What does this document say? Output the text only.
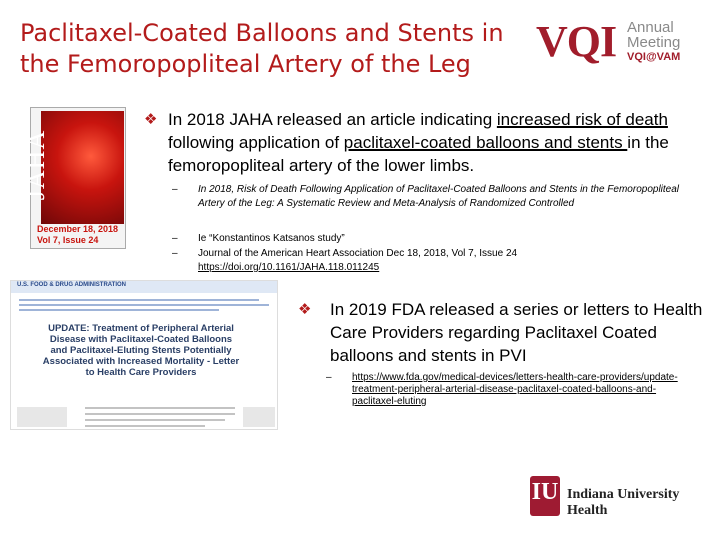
Paclitaxel-Coated Balloons and Stents in the Femoropopliteal Artery of the Leg	VQI Annual
Meeting
VQI@VAM
JAHA
December 18, 2018
Vol 7, Issue 24
❖ In 2018 JAHA released an article indicating increased risk of death following application of paclitaxel-coated balloons and stents in the femoropopliteal artery of the lower limbs.
– In 2018, Risk of Death Following Application of Paclitaxel-Coated Balloons and Stents in the Femoropopliteal Artery of the Leg: A Systematic Review and Meta-Analysis of Randomized Controlled
– Ie “Konstantinos Katsanos study”
– Journal of the American Heart Association Dec 18, 2018, Vol 7, Issue 24 https://doi.org/10.1161/JAHA.118.011245
U.S. FOOD & DRUG ADMINISTRATION
UPDATE: Treatment of Peripheral Arterial Disease with Paclitaxel-Coated Balloons and Paclitaxel-Eluting Stents Potentially Associated with Increased Mortality - Letter to Health Care Providers
❖	In 2019 FDA released a series or letters to Health Care Providers regarding Paclitaxel Coated balloons and stents in PVI
– https://www.fda.gov/medical-devices/letters-health-care-providers/update-treatment-peripheral-arterial-disease-paclitaxel-coated-balloons-and-paclitaxel-eluting
IU Indiana University Health
